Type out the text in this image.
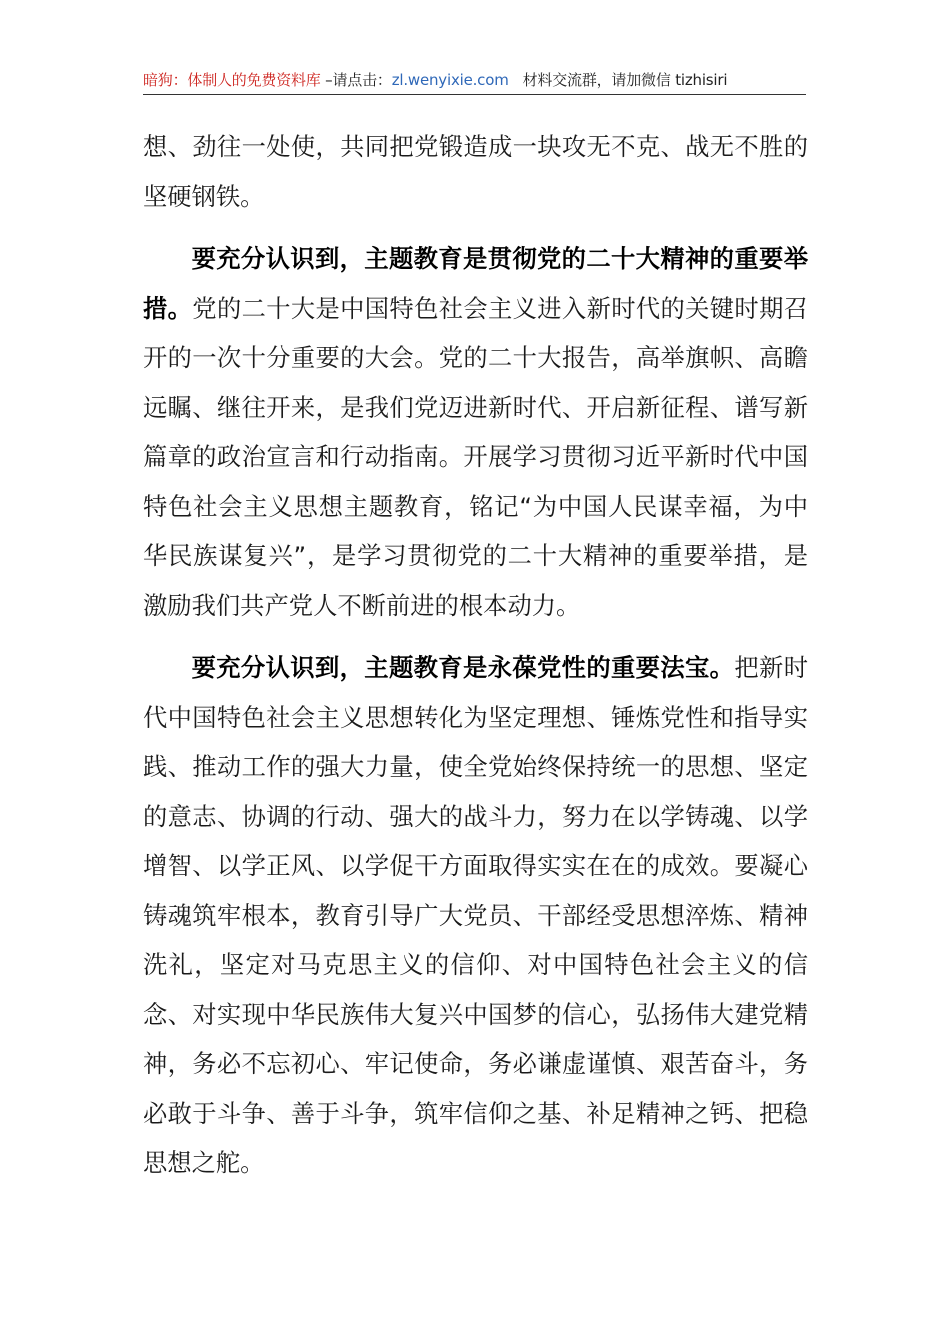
暗狗：体制人的免费资料库 –请点击：zl.wenyixie.com 材料交流群，请加微信 tizhisiri

想、劲往一处使，共同把党锻造成一块攻无不克、战无不胜的坚硬钢铁。

要充分认识到，主题教育是贯彻党的二十大精神的重要举措。党的二十大是中国特色社会主义进入新时代的关键时期召开的一次十分重要的大会。党的二十大报告，高举旗帜、高瞻远瞩、继往开来，是我们党迈进新时代、开启新征程、谱写新篇章的政治宣言和行动指南。开展学习贯彻习近平新时代中国特色社会主义思想主题教育，铭记“为中国人民谋幸福，为中华民族谋复兴”，是学习贯彻党的二十大精神的重要举措，是激励我们共产党人不断前进的根本动力。

要充分认识到，主题教育是永葆党性的重要法宝。把新时代中国特色社会主义思想转化为坚定理想、锤炼党性和指导实践、推动工作的强大力量，使全党始终保持统一的思想、坚定的意志、协调的行动、强大的战斗力，努力在以学铸魂、以学增智、以学正风、以学促干方面取得实实在在的成效。要凝心铸魂筑牢根本，教育引导广大党员、干部经受思想淬炼、精神洗礼，坚定对马克思主义的信仰、对中国特色社会主义的信念、对实现中华民族伟大复兴中国梦的信心，弘扬伟大建党精神，务必不忘初心、牢记使命，务必谦虚谨慎、艰苦奋斗，务必敢于斗争、善于斗争，筑牢信仰之基、补足精神之钙、把稳思想之舵。
